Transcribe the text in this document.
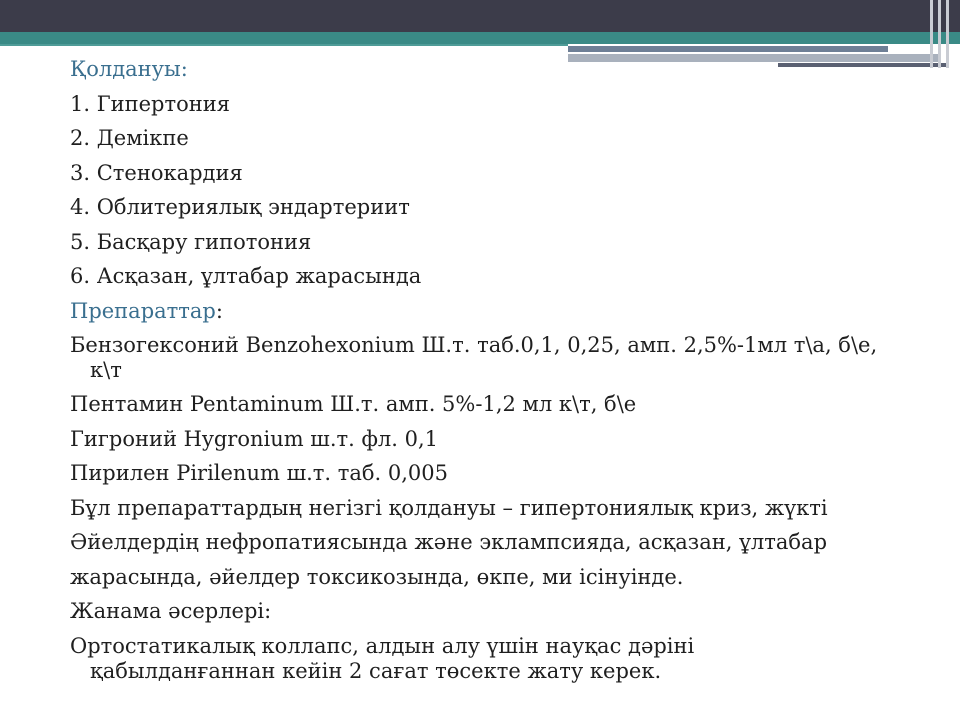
Қолдануы:
1. Гипертония
2. Демікпе
3. Стенокардия
4. Облитериялық эндартериит
5. Басқару гипотония
6. Асқазан, ұлтабар жарасында
Препараттар:
Бензогексоний Benzohexonium Ш.т. таб.0,1, 0,25, амп. 2,5%-1мл т\а, б\е,
к\т
Пентамин Pentaminum Ш.т. амп. 5%-1,2 мл к\т, б\е
Гигроний Hygronium ш.т. фл. 0,1
Пирилен Pirilenum ш.т. таб. 0,005
Бұл препараттардың негізгі қолдануы – гипертониялық криз, жүкті
Әйелдердің нефропатиясында және эклампсияда, асқазан, ұлтабар
жарасында, әйелдер токсикозында, өкпе, ми ісінуінде.
Жанама әсерлері:
Ортостатикалық коллапс, алдын алу үшін науқас дәріні
қабылданғаннан кейін 2 сағат төсекте жату керек.
